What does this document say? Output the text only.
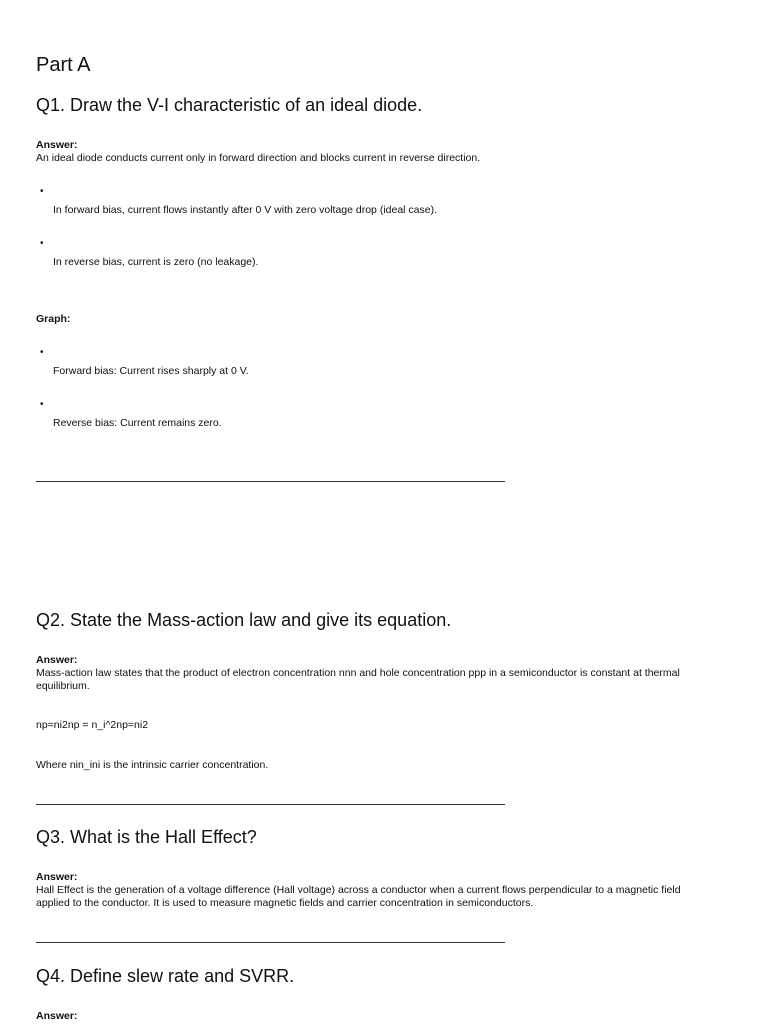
Part A
Q1. Draw the V-I characteristic of an ideal diode.
Answer:
An ideal diode conducts current only in forward direction and blocks current in reverse direction.
•
In forward bias, current flows instantly after 0 V with zero voltage drop (ideal case).
•
In reverse bias, current is zero (no leakage).
Graph:
•
Forward bias: Current rises sharply at 0 V.
•
Reverse bias: Current remains zero.
Q2. State the Mass-action law and give its equation.
Answer:
Mass-action law states that the product of electron concentration nnn and hole concentration ppp in a semiconductor is constant at thermal
equilibrium.
np=ni2np = n_i^2np=ni2
Where nin_ini is the intrinsic carrier concentration.
Q3. What is the Hall Effect?
Answer:
Hall Effect is the generation of a voltage difference (Hall voltage) across a conductor when a current flows perpendicular to a magnetic field
applied to the conductor. It is used to measure magnetic fields and carrier concentration in semiconductors.
Q4. Define slew rate and SVRR.
Answer:
